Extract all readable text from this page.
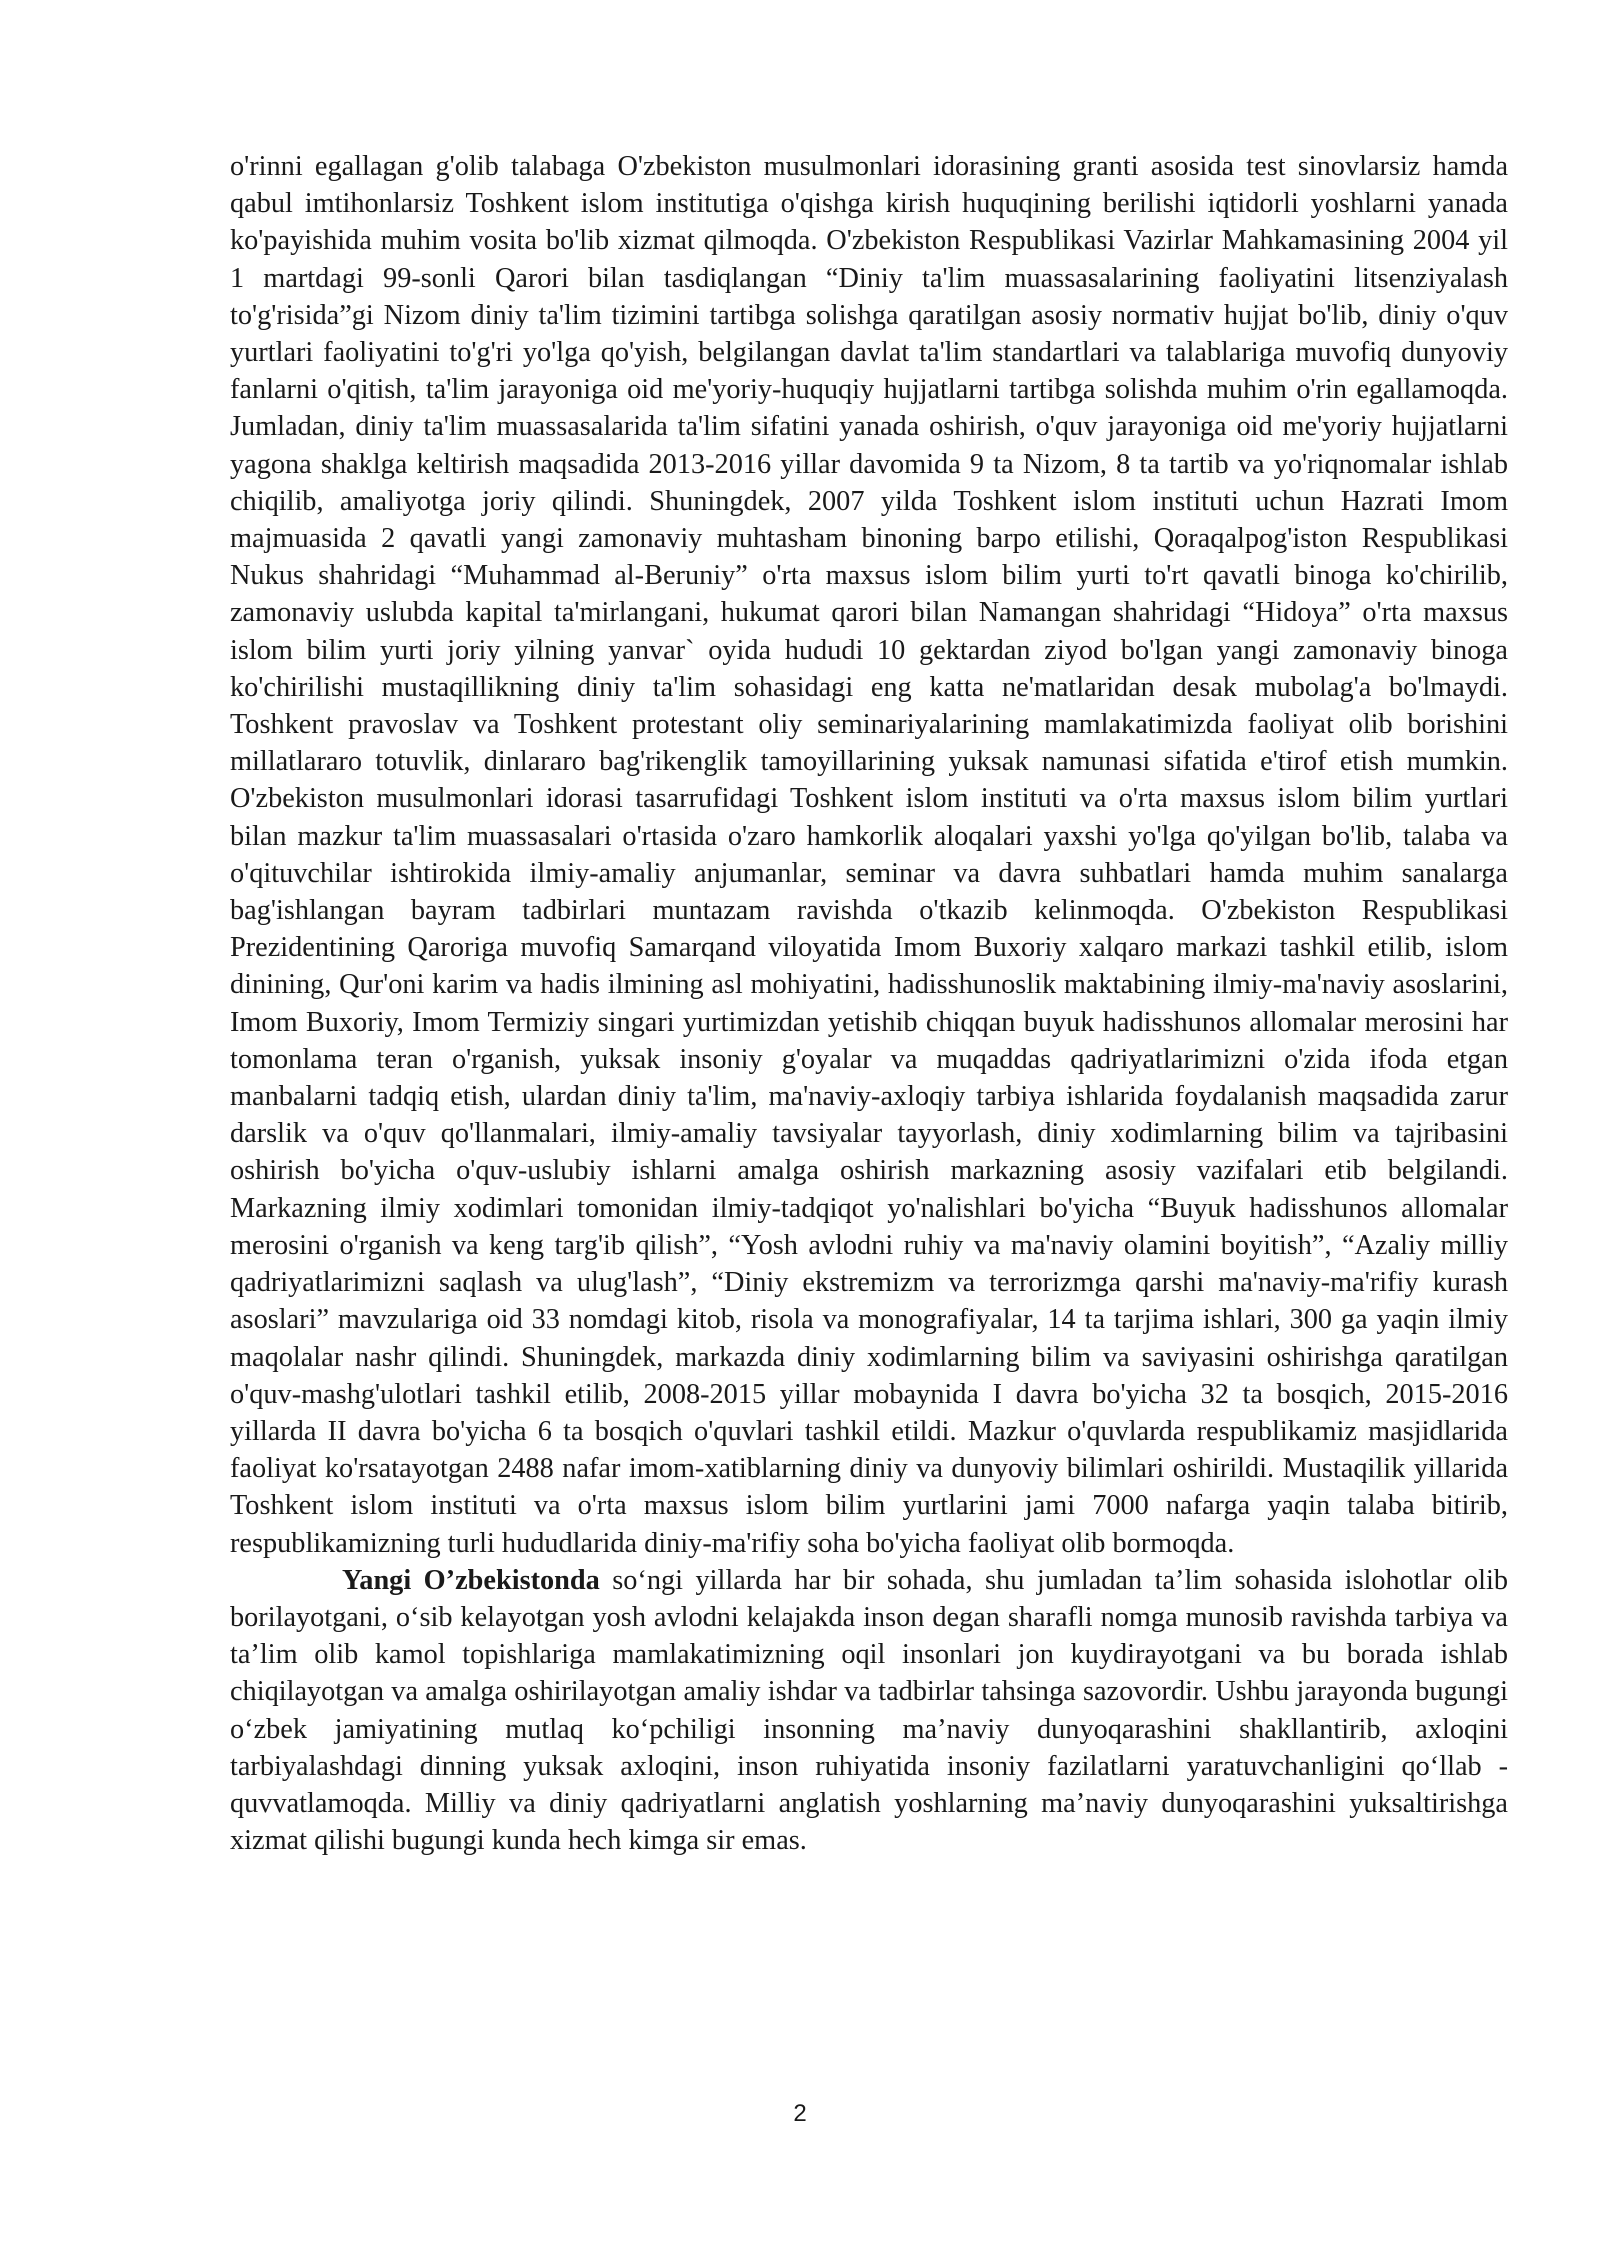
o'rinni egallagan g'olib talabaga O'zbekiston musulmonlari idorasining granti asosida test sinovlarsiz hamda qabul imtihonlarsiz Toshkent islom institutiga o'qishga kirish huquqining berilishi iqtidorli yoshlarni yanada ko'payishida muhim vosita bo'lib xizmat qilmoqda. O'zbekiston Respublikasi Vazirlar Mahkamasining 2004 yil 1 martdagi 99-sonli Qarori bilan tasdiqlangan “Diniy ta'lim muassasalarining faoliyatini litsenziyalash to'g'risida”gi Nizom diniy ta'lim tizimini tartibga solishga qaratilgan asosiy normativ hujjat bo'lib, diniy o'quv yurtlari faoliyatini to'g'ri yo'lga qo'yish, belgilangan davlat ta'lim standartlari va talablariga muvofiq dunyoviy fanlarni o'qitish, ta'lim jarayoniga oid me'yoriy-huquqiy hujjatlarni tartibga solishda muhim o'rin egallamoqda. Jumladan, diniy ta'lim muassasalarida ta'lim sifatini yanada oshirish, o'quv jarayoniga oid me'yoriy hujjatlarni yagona shaklga keltirish maqsadida 2013-2016 yillar davomida 9 ta Nizom, 8 ta tartib va yo'riqnomalar ishlab chiqilib, amaliyotga joriy qilindi. Shuningdek, 2007 yilda Toshkent islom instituti uchun Hazrati Imom majmuasida 2 qavatli yangi zamonaviy muhtasham binoning barpo etilishi, Qoraqalpog'iston Respublikasi Nukus shahridagi “Muhammad al-Beruniy” o'rta maxsus islom bilim yurti to'rt qavatli binoga ko'chirilib, zamonaviy uslubda kapital ta'mirlangani, hukumat qarori bilan Namangan shahridagi “Hidoya” o'rta maxsus islom bilim yurti joriy yilning yanvar` oyida hududi 10 gektardan ziyod bo'lgan yangi zamonaviy binoga ko'chirilishi mustaqillikning diniy ta'lim sohasidagi eng katta ne'matlaridan desak mubolag'a bo'lmaydi. Toshkent pravoslav va Toshkent protestant oliy seminariyalarining mamlakatimizda faoliyat olib borishini millatlararo totuvlik, dinlararo bag'rikenglik tamoyillarining yuksak namunasi sifatida e'tirof etish mumkin. O'zbekiston musulmonlari idorasi tasarrufidagi Toshkent islom instituti va o'rta maxsus islom bilim yurtlari bilan mazkur ta'lim muassasalari o'rtasida o'zaro hamkorlik aloqalari yaxshi yo'lga qo'yilgan bo'lib, talaba va o'qituvchilar ishtirokida ilmiy-amaliy anjumanlar, seminar va davra suhbatlari hamda muhim sanalarga bag'ishlangan bayram tadbirlari muntazam ravishda o'tkazib kelinmoqda. O'zbekiston Respublikasi Prezidentining Qaroriga muvofiq Samarqand viloyatida Imom Buxoriy xalqaro markazi tashkil etilib, islom dinining, Qur'oni karim va hadis ilmining asl mohiyatini, hadisshunoslik maktabining ilmiy-ma'naviy asoslarini, Imom Buxoriy, Imom Termiziy singari yurtimizdan yetishib chiqqan buyuk hadisshunos allomalar merosini har tomonlama teran o'rganish, yuksak insoniy g'oyalar va muqaddas qadriyatlarimizni o'zida ifoda etgan manbalarni tadqiq etish, ulardan diniy ta'lim, ma'naviy-axloqiy tarbiya ishlarida foydalanish maqsadida zarur darslik va o'quv qo'llanmalari, ilmiy-amaliy tavsiyalar tayyorlash, diniy xodimlarning bilim va tajribasini oshirish bo'yicha o'quv-uslubiy ishlarni amalga oshirish markazning asosiy vazifalari etib belgilandi. Markazning ilmiy xodimlari tomonidan ilmiy-tadqiqot yo'nalishlari bo'yicha “Buyuk hadisshunos allomalar merosini o'rganish va keng targ'ib qilish”, “Yosh avlodni ruhiy va ma'naviy olamini boyitish”, “Azaliy milliy qadriyatlarimizni saqlash va ulug'lash”, “Diniy ekstremizm va terrorizmga qarshi ma'naviy-ma'rifiy kurash asoslari” mavzulariga oid 33 nomdagi kitob, risola va monografiyalar, 14 ta tarjima ishlari, 300 ga yaqin ilmiy maqolalar nashr qilindi. Shuningdek, markazda diniy xodimlarning bilim va saviyasini oshirishga qaratilgan o'quv-mashg'ulotlari tashkil etilib, 2008-2015 yillar mobaynida I davra bo'yicha 32 ta bosqich, 2015-2016 yillarda II davra bo'yicha 6 ta bosqich o'quvlari tashkil etildi. Mazkur o'quvlarda respublikamiz masjidlarida faoliyat ko'rsatayotgan 2488 nafar imom-xatiblarning diniy va dunyoviy bilimlari oshirildi. Mustaqilik yillarida Toshkent islom instituti va o'rta maxsus islom bilim yurtlarini jami 7000 nafarga yaqin talaba bitirib, respublikamizning turli hududlarida diniy-ma'rifiy soha bo'yicha faoliyat olib bormoqda.

Yangi O’zbekistonda so‘ngi yillarda har bir sohada, shu jumladan ta’lim sohasida islohotlar olib borilayotgani, o‘sib kelayotgan yosh avlodni kelajakda inson degan sharafli nomga munosib ravishda tarbiya va ta’lim olib kamol topishlariga mamlakatimizning oqil insonlari jon kuydirayotgani va bu borada ishlab chiqilayotgan va amalga oshirilayotgan amaliy ishdar va tadbirlar tahsinga sazovordir. Ushbu jarayonda bugungi o‘zbek jamiyatining mutlaq ko‘pchiligi insonning ma’naviy dunyoqarashini shakllantirib, axloqini tarbiyalashdagi dinning yuksak axloqini, inson ruhiyatida insoniy fazilatlarni yaratuvchanligini qo‘llab - quvvatlamoqda. Milliy va diniy qadriyatlarni anglatish yoshlarning ma’naviy dunyoqarashini yuksaltirishga xizmat qilishi bugungi kunda hech kimga sir emas.

2
